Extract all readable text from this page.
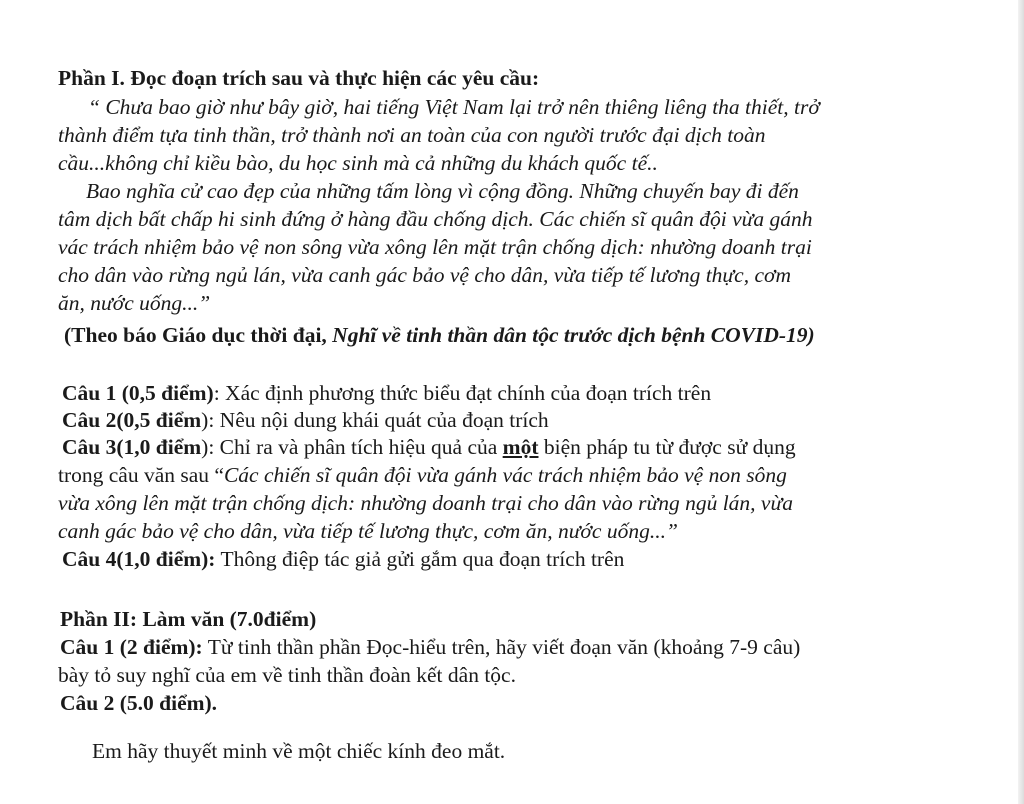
Phần I. Đọc đoạn trích sau và thực hiện các yêu cầu:
“ Chưa bao giờ như bây giờ, hai tiếng Việt Nam lại trở nên thiêng liêng tha thiết, trở
thành điểm tựa tinh thần, trở thành nơi an toàn của con người trước đại dịch toàn
cầu...không chỉ kiều bào, du học sinh mà cả những du khách quốc tế..
Bao nghĩa cử cao đẹp của những tấm lòng vì cộng đồng. Những chuyến bay đi đến
tâm dịch bất chấp hi sinh đứng ở hàng đầu chống dịch. Các chiến sĩ quân đội vừa gánh
vác trách nhiệm bảo vệ non sông vừa xông lên mặt trận chống dịch: nhường doanh trại
cho dân vào rừng ngủ lán, vừa canh gác bảo vệ cho dân, vừa tiếp tế lương thực, cơm
ăn, nước uống...”
(Theo báo Giáo dục thời đại, Nghĩ về tinh thần dân tộc trước dịch bệnh COVID-19)
Câu 1 (0,5 điểm): Xác định phương thức biểu đạt chính của đoạn trích trên
Câu 2(0,5 điểm): Nêu nội dung khái quát của đoạn trích
Câu 3(1,0 điểm): Chỉ ra và phân tích hiệu quả của một biện pháp tu từ được sử dụng
trong câu văn sau “Các chiến sĩ quân đội vừa gánh vác trách nhiệm bảo vệ non sông
vừa xông lên mặt trận chống dịch: nhường doanh trại cho dân vào rừng ngủ lán, vừa
canh gác bảo vệ cho dân, vừa tiếp tế lương thực, cơm ăn, nước uống...”
Câu 4(1,0 điểm): Thông điệp tác giả gửi gắm qua đoạn trích trên
Phần II: Làm văn (7.0điểm)
Câu 1 (2 điểm): Từ tinh thần phần Đọc-hiểu trên, hãy viết đoạn văn (khoảng 7-9 câu)
bày tỏ suy nghĩ của em về tinh thần đoàn kết dân tộc.
Câu 2 (5.0 điểm).
Em hãy thuyết minh về một chiếc kính đeo mắt.
